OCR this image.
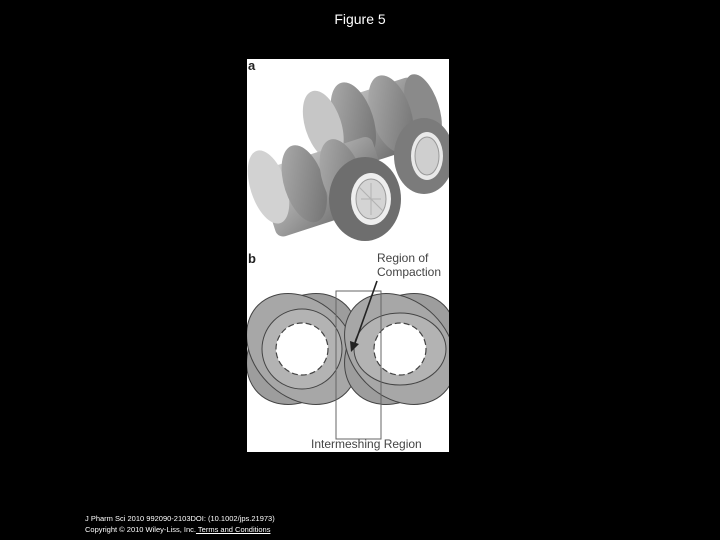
Figure 5
a
b	Region of
Compaction
Intermeshing Region
J Pharm Sci 2010 992090-2103DOI: (10.1002/jps.21973)
Copyright © 2010 Wiley-Liss, Inc. Terms and Conditions
